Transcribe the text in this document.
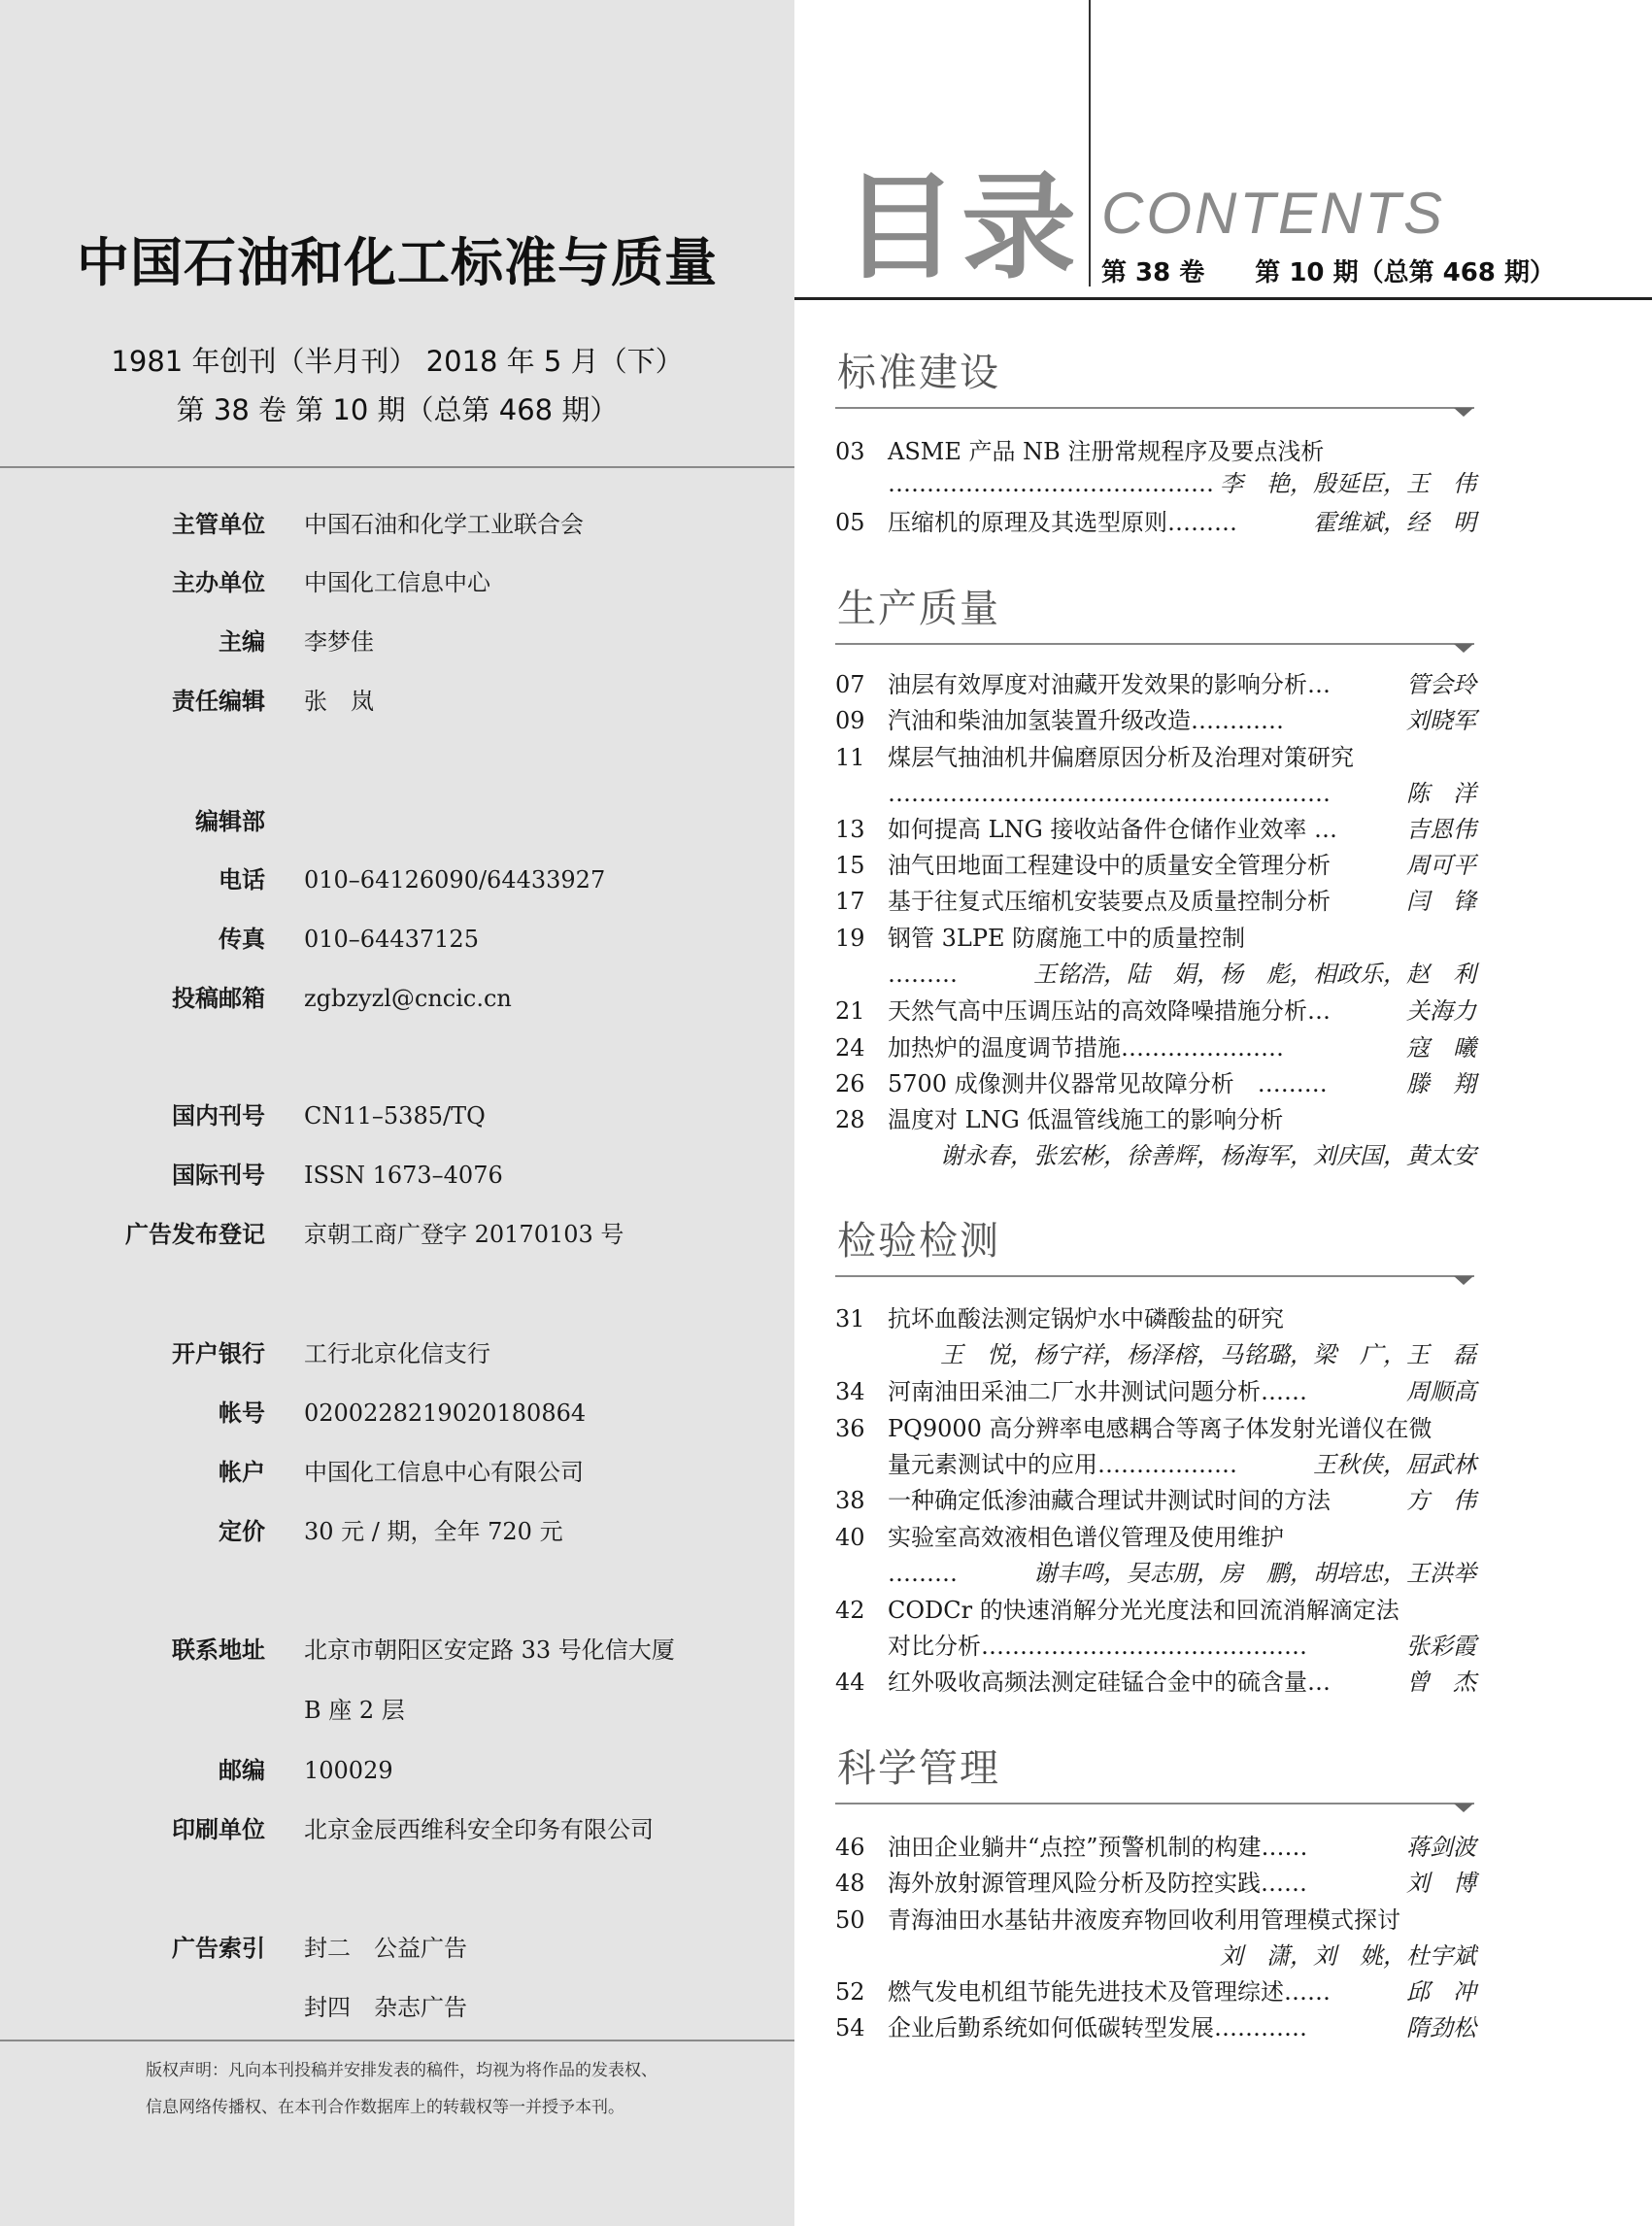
中国石油和化工标准与质量
1981 年创刊（半月刊） 2018 年 5 月（下）
第 38 卷 第 10 期（总第 468 期）
主管单位 中国石油和化学工业联合会
主办单位 中国化工信息中心
主编 李梦佳
责任编辑 张　岚
编辑部
电话 010–64126090/64433927
传真 010–64437125
投稿邮箱 zgbzyzl@cncic.cn
国内刊号 CN11–5385/TQ
国际刊号 ISSN 1673–4076
广告发布登记 京朝工商广登字 20170103 号
开户银行 工行北京化信支行
帐号 0200228219020180864
帐户 中国化工信息中心有限公司
定价 30 元 / 期，全年 720 元
联系地址 北京市朝阳区安定路 33 号化信大厦
B 座 2 层
邮编 100029
印刷单位 北京金辰西维科安全印务有限公司
广告索引 封二　公益广告
封四　杂志广告
版权声明：凡向本刊投稿并安排发表的稿件，均视为将作品的发表权、
信息网络传播权、在本刊合作数据库上的转载权等一并授予本刊。
目录 CONTENTS
第 38 卷　　第 10 期（总第 468 期）
标准建设
03 ASME 产品 NB 注册常规程序及要点浅析
…………………………………… 李　艳，殷延臣，王　伟
05 压缩机的原理及其选型原则………	霍维斌，经　明
生产质量
07 油层有效厚度对油藏开发效果的影响分析…	管会玲
09 汽油和柴油加氢装置升级改造…………	刘晓军
11 煤层气抽油机井偏磨原因分析及治理对策研究
…………………………………………………	陈　洋
13 如何提高 LNG 接收站备件仓储作业效率 …	吉恩伟
15 油气田地面工程建设中的质量安全管理分析	周可平
17 基于往复式压缩机安装要点及质量控制分析	闫　锋
19 钢管 3LPE 防腐施工中的质量控制
………	王铭浩，陆　娟，杨　彪，相政乐，赵　利
21 天然气高中压调压站的高效降噪措施分析…	关海力
24 加热炉的温度调节措施…………………	寇　曦
26 5700 成像测井仪器常见故障分析　………	滕　翔
28 温度对 LNG 低温管线施工的影响分析
谢永春，张宏彬，徐善辉，杨海军，刘庆国，黄太安
检验检测
31 抗坏血酸法测定锅炉水中磷酸盐的研究
王　悦，杨宁祥，杨泽榕，马铭璐，梁　广，王　磊
34 河南油田采油二厂水井测试问题分析……	周顺高
36 PQ9000 高分辨率电感耦合等离子体发射光谱仪在微
量元素测试中的应用………………	王秋侠，屈武林
38 一种确定低渗油藏合理试井测试时间的方法	方　伟
40 实验室高效液相色谱仪管理及使用维护
………	谢丰鸣，吴志朋，房　鹏，胡培忠，王洪举
42 CODCr 的快速消解分光光度法和回流消解滴定法
对比分析……………………………………	张彩霞
44 红外吸收高频法测定硅锰合金中的硫含量…	曾　杰
科学管理
46 油田企业躺井“点控”预警机制的构建……	蒋剑波
48 海外放射源管理风险分析及防控实践……	刘　博
50 青海油田水基钻井液废弃物回收利用管理模式探讨
刘　潇，刘　姚，杜宇斌
52 燃气发电机组节能先进技术及管理综述……	邱　冲
54 企业后勤系统如何低碳转型发展…………	隋劲松
